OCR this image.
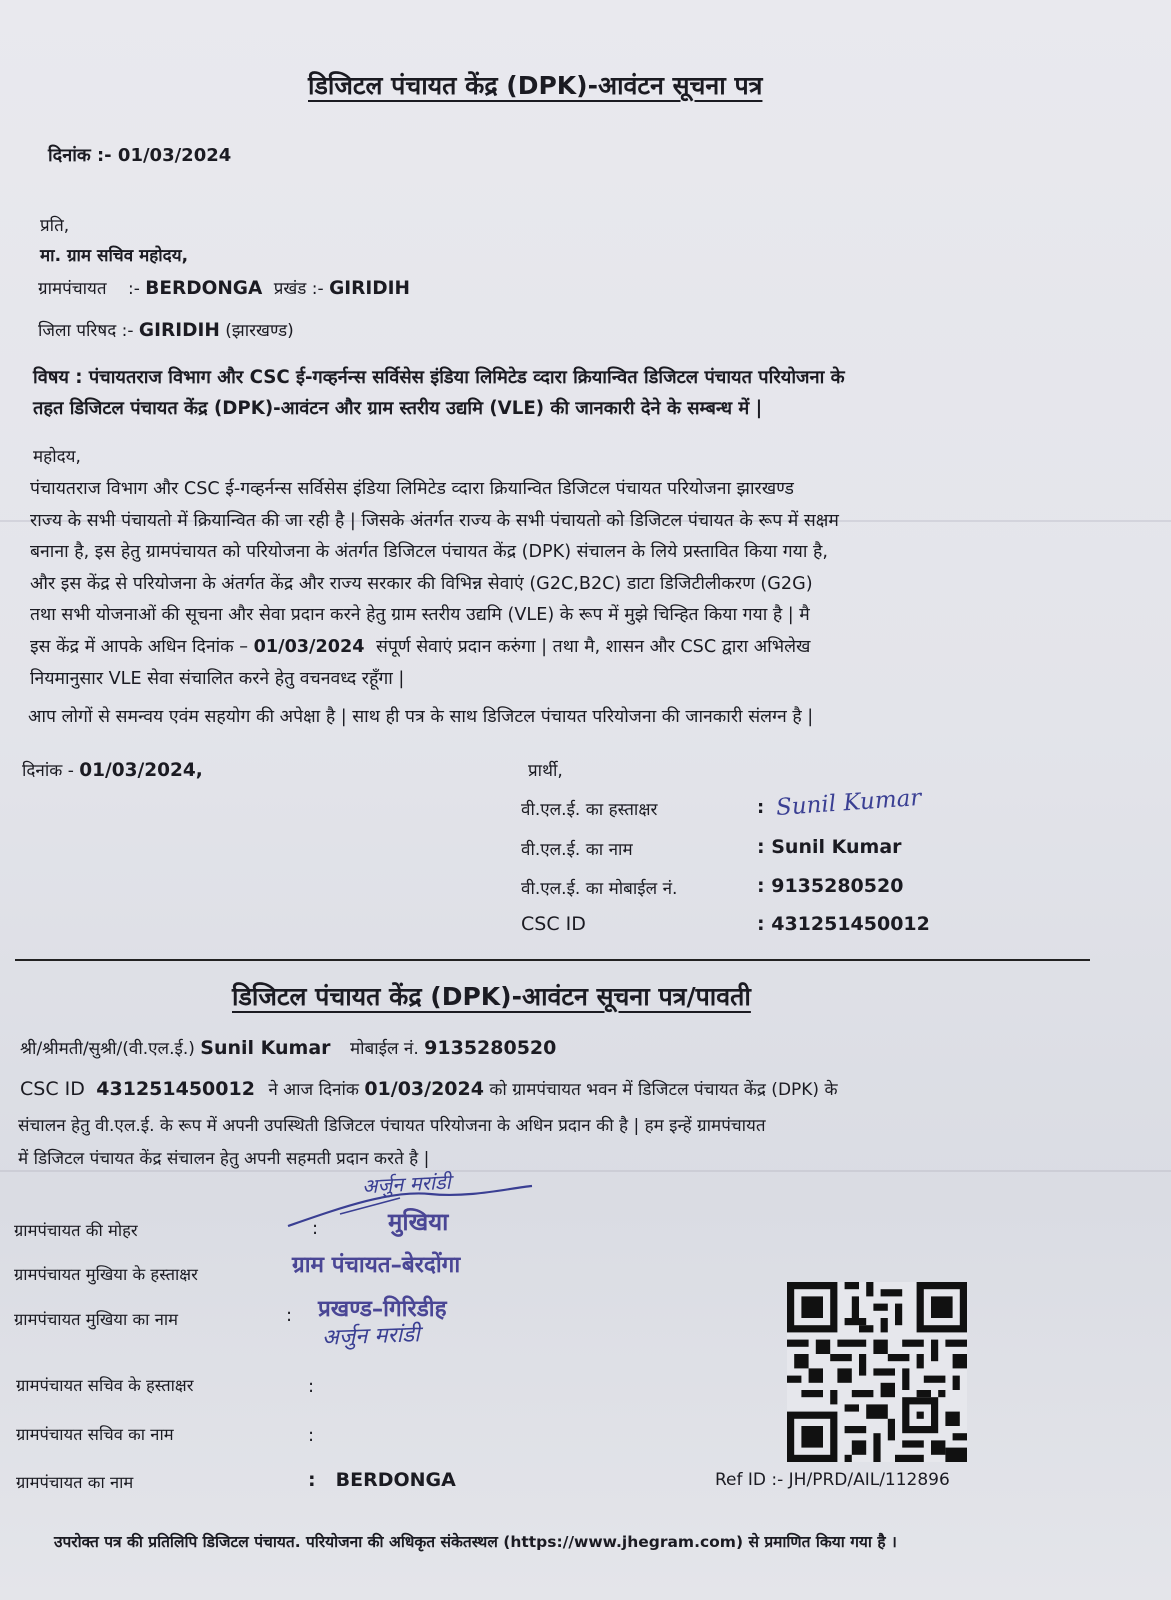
डिजिटल पंचायत केंद्र (DPK)-आवंटन सूचना पत्र
दिनांक :- 01/03/2024
प्रति,
मा. ग्राम सचिव महोदय,
ग्रामपंचायत :- BERDONGA प्रखंड :- GIRIDIH
जिला परिषद :- GIRIDIH (झारखण्ड)
विषय : पंचायतराज विभाग और CSC ई-गव्हर्नन्स सर्विसेस इंडिया लिमिटेड व्दारा क्रियान्वित डिजिटल पंचायत परियोजना के
तहत डिजिटल पंचायत केंद्र (DPK)-आवंटन और ग्राम स्तरीय उद्यमि (VLE) की जानकारी देने के सम्बन्ध में |
महोदय,
पंचायतराज विभाग और CSC ई-गव्हर्नन्स सर्विसेस इंडिया लिमिटेड व्दारा क्रियान्वित डिजिटल पंचायत परियोजना झारखण्ड
राज्य के सभी पंचायतो में क्रियान्वित की जा रही है | जिसके अंतर्गत राज्य के सभी पंचायतो को डिजिटल पंचायत के रूप में सक्षम
बनाना है, इस हेतु ग्रामपंचायत को परियोजना के अंतर्गत डिजिटल पंचायत केंद्र (DPK) संचालन के लिये प्रस्तावित किया गया है,
और इस केंद्र से परियोजना के अंतर्गत केंद्र और राज्य सरकार की विभिन्न सेवाएं (G2C,B2C) डाटा डिजिटीलीकरण (G2G)
तथा सभी योजनाओं की सूचना और सेवा प्रदान करने हेतु ग्राम स्तरीय उद्यमि (VLE) के रूप में मुझे चिन्हित किया गया है | मै
इस केंद्र में आपके अधिन दिनांक – 01/03/2024 संपूर्ण सेवाएं प्रदान करुंगा | तथा मै, शासन और CSC द्वारा अभिलेख
नियमानुसार VLE सेवा संचालित करने हेतु वचनवध्द रहूँगा |
आप लोगों से समन्वय एवंम सहयोग की अपेक्षा है | साथ ही पत्र के साथ डिजिटल पंचायत परियोजना की जानकारी संलग्न है |
दिनांक - 01/03/2024,	प्रार्थी,
वी.एल.ई. का हस्ताक्षर	: Sunil Kumar
वी.एल.ई. का नाम	: Sunil Kumar
वी.एल.ई. का मोबाईल नं.	: 9135280520
CSC ID	: 431251450012
डिजिटल पंचायत केंद्र (DPK)-आवंटन सूचना पत्र/पावती
श्री/श्रीमती/सुश्री/(वी.एल.ई.) Sunil Kumar मोबाईल नं. 9135280520
CSC ID 431251450012 ने आज दिनांक 01/03/2024 को ग्रामपंचायत भवन में डिजिटल पंचायत केंद्र (DPK) के
संचालन हेतु वी.एल.ई. के रूप में अपनी उपस्थिती डिजिटल पंचायत परियोजना के अधिन प्रदान की है | हम इन्हें ग्रामपंचायत
में डिजिटल पंचायत केंद्र संचालन हेतु अपनी सहमती प्रदान करते है |
ग्रामपंचायत की मोहर	:
ग्रामपंचायत मुखिया के हस्ताक्षर
ग्रामपंचायत मुखिया का नाम	:
ग्रामपंचायत सचिव के हस्ताक्षर	:
ग्रामपंचायत सचिव का नाम	:
ग्रामपंचायत का नाम	: BERDONGA
अर्जुन मरांडी
मुखिया
ग्राम पंचायत–बेरदोंगा
प्रखण्ड–गिरिडीह
अर्जुन मरांडी
Ref ID :- JH/PRD/AIL/112896
उपरोक्त पत्र की प्रतिलिपि डिजिटल पंचायत. परियोजना की अधिकृत संकेतस्थल (https://www.jhegram.com) से प्रमाणित किया गया है ।
